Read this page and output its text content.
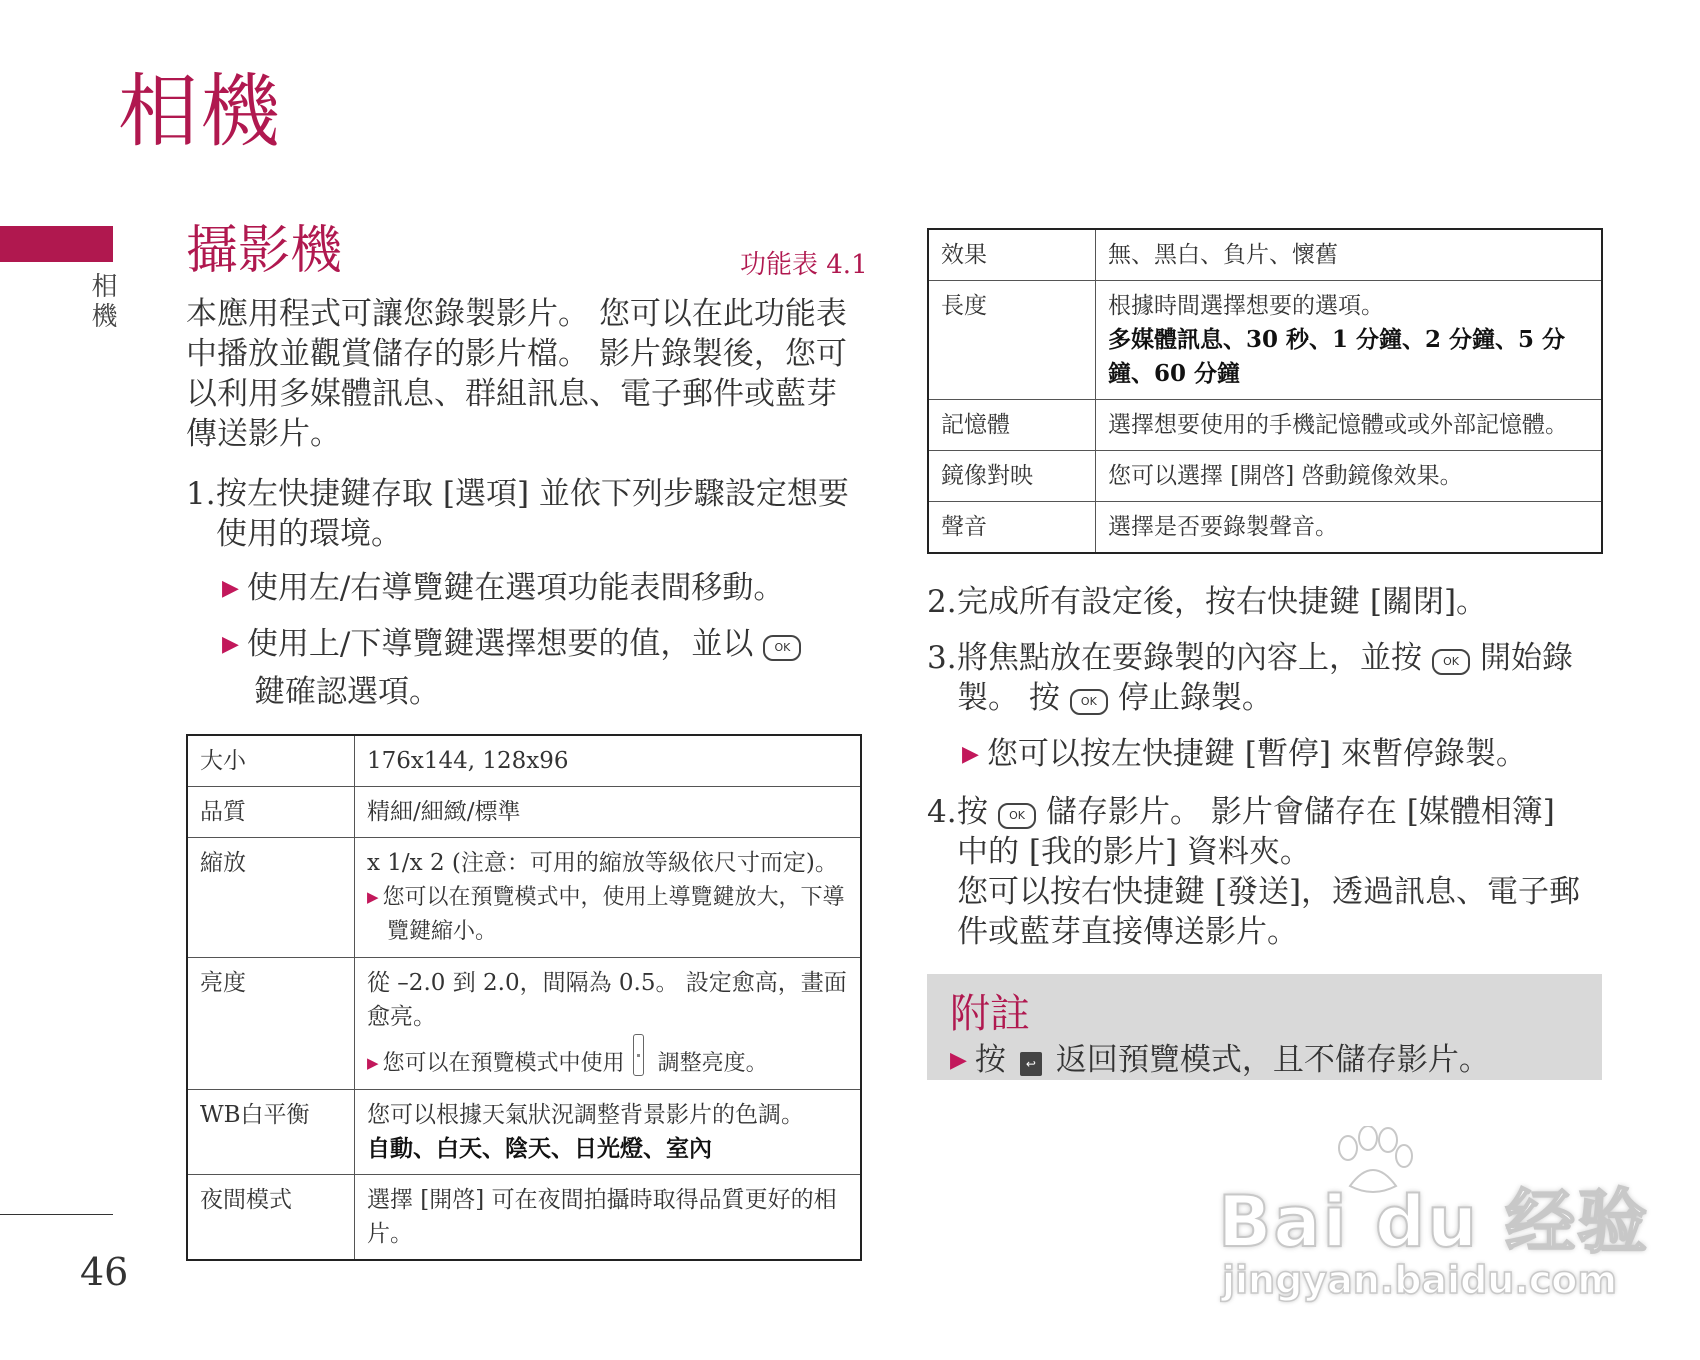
相機
相機
46
攝影機	功能表 4.1
本應用程式可讓您錄製影片。 您可以在此功能表中播放並觀賞儲存的影片檔。 影片錄製後，您可以利用多媒體訊息、群組訊息、電子郵件或藍芽傳送影片。
1.按左快捷鍵存取 [選項] 並依下列步驟設定想要使用的環境。
▶ 使用左/右導覽鍵在選項功能表間移動。
▶ 使用上/下導覽鍵選擇想要的值，並以 OK
鍵確認選項。
大小	176x144, 128x96
品質	精細/細緻/標準
縮放	x 1/x 2 (注意：可用的縮放等級依尺寸而定)。
▶ 您可以在預覽模式中，使用上導覽鍵放大，下導覽鍵縮小。

亮度	從 –2.0 到 2.0，間隔為 0.5。 設定愈高，畫面愈亮。
▶ 您可以在預覽模式中使用 調整亮度。

WB白平衡	您可以根據天氣狀況調整背景影片的色調。
自動、白天、陰天、日光燈、室內

夜間模式	選擇 [開啓] 可在夜間拍攝時取得品質更好的相片。
效果	無、黑白、負片、懷舊
長度	根據時間選擇想要的選項。
多媒體訊息、30 秒、1 分鐘、2 分鐘、5 分鐘、60 分鐘

記憶體	選擇想要使用的手機記憶體或或外部記憶體。
鏡像對映	您可以選擇 [開啓] 啓動鏡像效果。
聲音	選擇是否要錄製聲音。
2.完成所有設定後，按右快捷鍵 [關閉]。
3.將焦點放在要錄製的內容上，並按 OK 開始錄
製。 按 OK 停止錄製。
▶ 您可以按左快捷鍵 [暫停] 來暫停錄製。
4.按 OK 儲存影片。 影片會儲存在 [媒體相簿]
中的 [我的影片] 資料夾。
您可以按右快捷鍵 [發送]，透過訊息、電子郵件或藍芽直接傳送影片。
附註
▶ 按 ↩ 返回預覽模式，且不儲存影片。
Bai du 经验
jingyan.baidu.com
